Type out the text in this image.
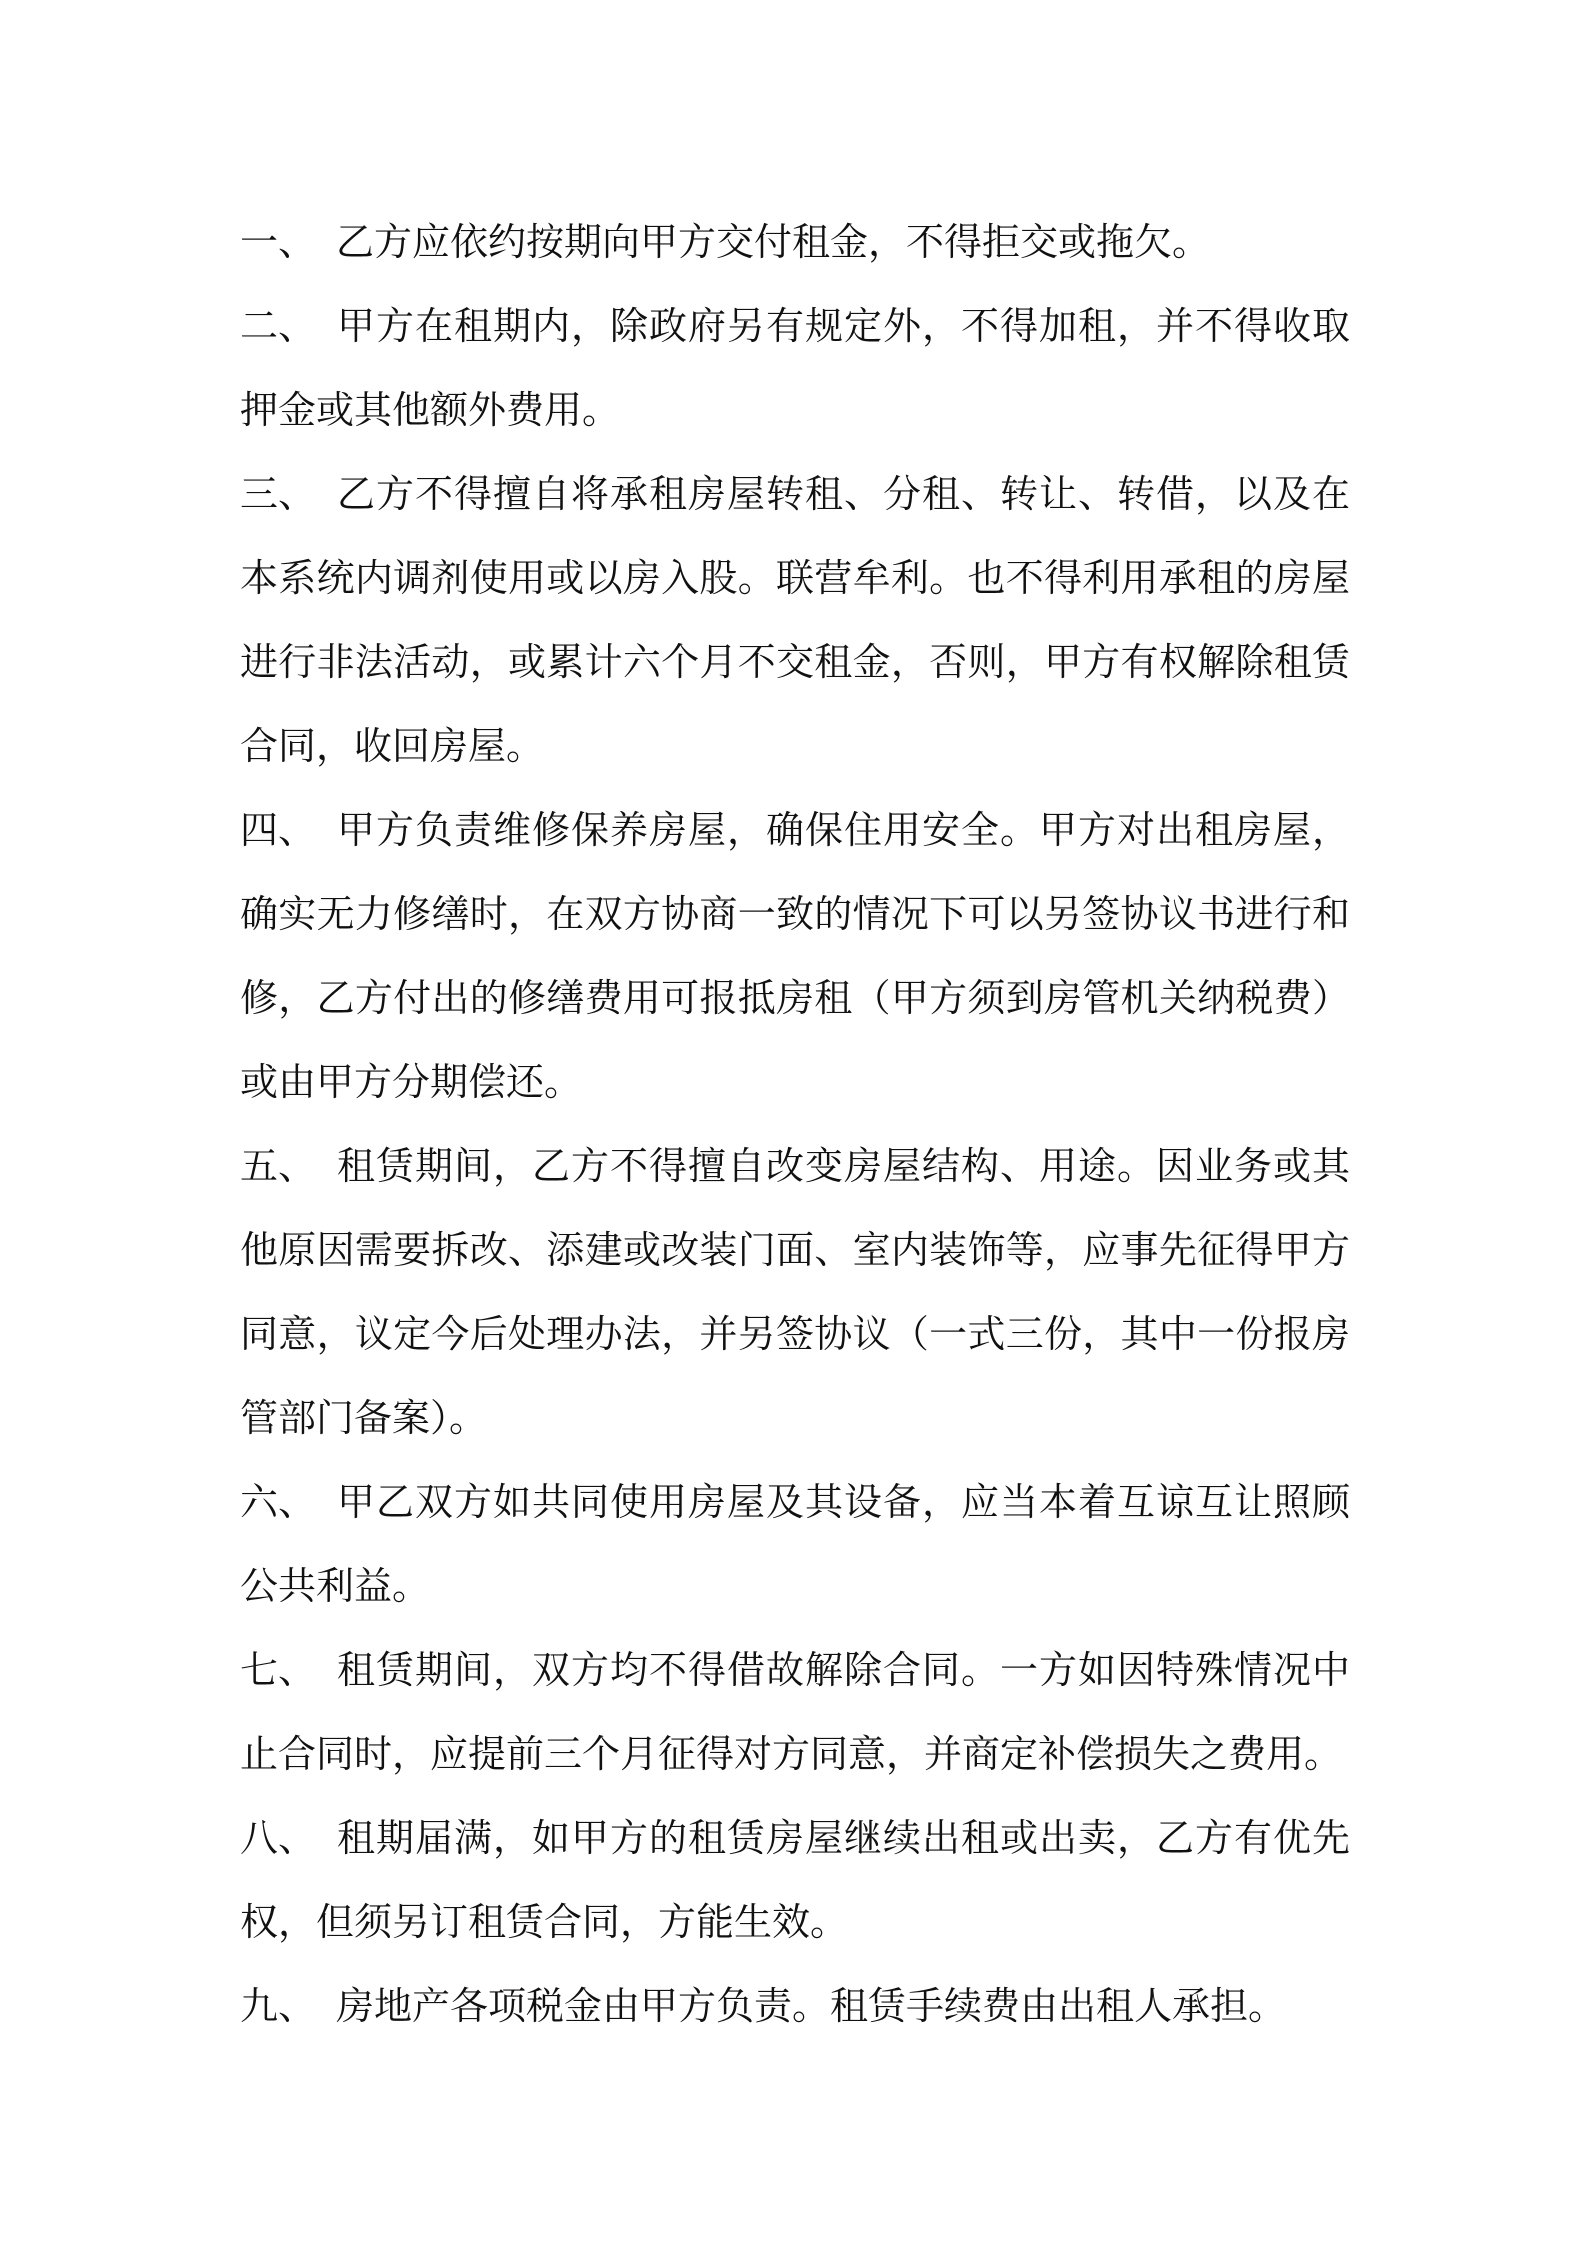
一、 乙方应依约按期向甲方交付租金，不得拒交或拖欠。

二、 甲方在租期内，除政府另有规定外，不得加租，并不得收取押金或其他额外费用。

三、 乙方不得擅自将承租房屋转租、分租、转让、转借，以及在本系统内调剂使用或以房入股。联营牟利。也不得利用承租的房屋进行非法活动，或累计六个月不交租金，否则，甲方有权解除租赁合同，收回房屋。

四、 甲方负责维修保养房屋，确保住用安全。甲方对出租房屋，确实无力修缮时，在双方协商一致的情况下可以另签协议书进行和修，乙方付出的修缮费用可报抵房租（甲方须到房管机关纳税费）或由甲方分期偿还。

五、 租赁期间，乙方不得擅自改变房屋结构、用途。因业务或其他原因需要拆改、添建或改装门面、室内装饰等，应事先征得甲方同意，议定今后处理办法，并另签协议（一式三份，其中一份报房管部门备案）。

六、 甲乙双方如共同使用房屋及其设备，应当本着互谅互让照顾公共利益。

七、 租赁期间，双方均不得借故解除合同。一方如因特殊情况中止合同时，应提前三个月征得对方同意，并商定补偿损失之费用。

八、 租期届满，如甲方的租赁房屋继续出租或出卖，乙方有优先权，但须另订租赁合同，方能生效。

九、 房地产各项税金由甲方负责。租赁手续费由出租人承担。
